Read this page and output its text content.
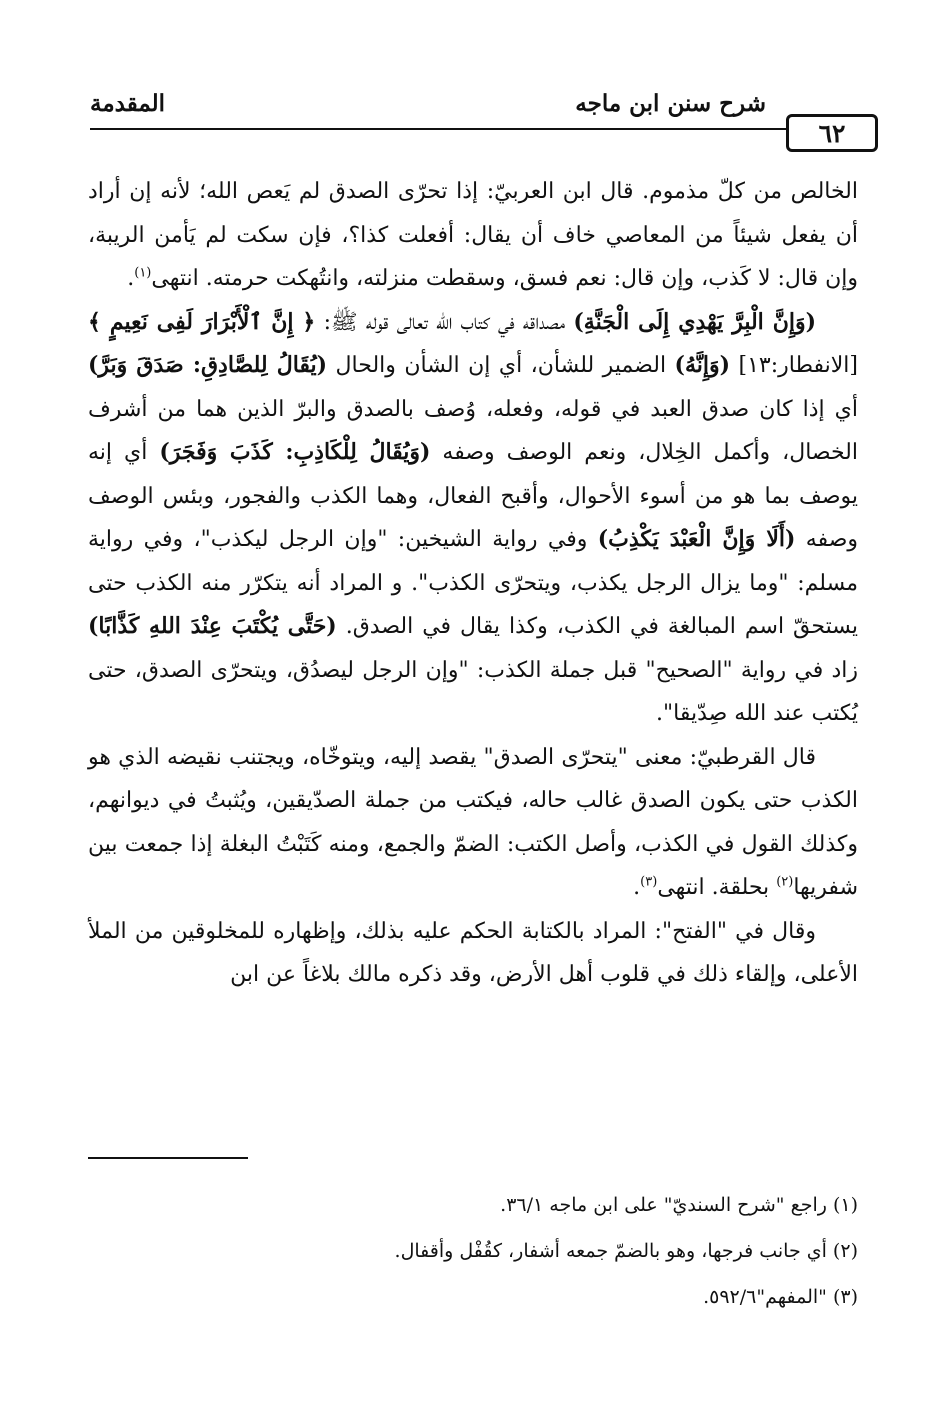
٦٢
شرح سنن ابن ماجه
المقدمة

الخالص من كلّ مذموم. قال ابن العربيّ: إذا تحرّى الصدق لم يَعص الله؛ لأنه إن أراد أن يفعل شيئاً من المعاصي خاف أن يقال: أفعلت كذا؟، فإن سكت لم يَأمن الريبة، وإن قال: لا كَذب، وإن قال: نعم فسق، وسقطت منزلته، وانتُهكت حرمته. انتهى$^{(١)}$.

(وَإِنَّ الْبِرَّ يَهْدِي إِلَى الْجَنَّةِ) مصداقه في كتاب الله تعالى قوله ﷺ: ﴿ إِنَّ ٱلْأَبْرَارَ لَفِى نَعِيمٍ ﴾ [الانفطار:١٣] (وَإِنَّهُ) الضمير للشأن، أي إن الشأن والحال (يُقَالُ لِلصَّادِقِ: صَدَقَ وَبَرَّ) أي إذا كان صدق العبد في قوله، وفعله، وُصف بالصدق والبرّ الذين هما من أشرف الخصال، وأكمل الخِلال، ونعم الوصف وصفه (وَيُقَالُ لِلْكَاذِبِ: كَذَبَ وَفَجَرَ) أي إنه يوصف بما هو من أسوء الأحوال، وأقبح الفعال، وهما الكذب والفجور، وبئس الوصف وصفه (أَلَا وَإِنَّ الْعَبْدَ يَكْذِبُ) وفي رواية الشيخين: "وإن الرجل ليكذب"، وفي رواية مسلم: "وما يزال الرجل يكذب، ويتحرّى الكذب". و المراد أنه يتكرّر منه الكذب حتى يستحقّ اسم المبالغة في الكذب، وكذا يقال في الصدق. (حَتَّى يُكْتَبَ عِنْدَ اللهِ كَذَّابًا) زاد في رواية "الصحيح" قبل جملة الكذب: "وإن الرجل ليصدُق، ويتحرّى الصدق، حتى يُكتب عند الله صِدّيقا".

قال القرطبيّ: معنى "يتحرّى الصدق" يقصد إليه، ويتوخّاه، ويجتنب نقيضه الذي هو الكذب حتى يكون الصدق غالب حاله، فيكتب من جملة الصدّيقين، ويُثبتُ في ديوانهم، وكذلك القول في الكذب، وأصل الكتب: الضمّ والجمع، ومنه كَتَبْتُ البغلة إذا جمعت بين شفريها$^{(٢)}$ بحلقة. انتهى$^{(٣)}$.

وقال في "الفتح": المراد بالكتابة الحكم عليه بذلك، وإظهاره للمخلوقين من الملأ الأعلى، وإلقاء ذلك في قلوب أهل الأرض، وقد ذكره مالك بلاغاً عن ابن

(١) راجع "شرح السنديّ" على ابن ماجه ٣٦/١.
(٢) أي جانب فرجها، وهو بالضمّ جمعه أشفار، كقُفْل وأقفال.
(٣) "المفهم"٥٩٢/٦.
